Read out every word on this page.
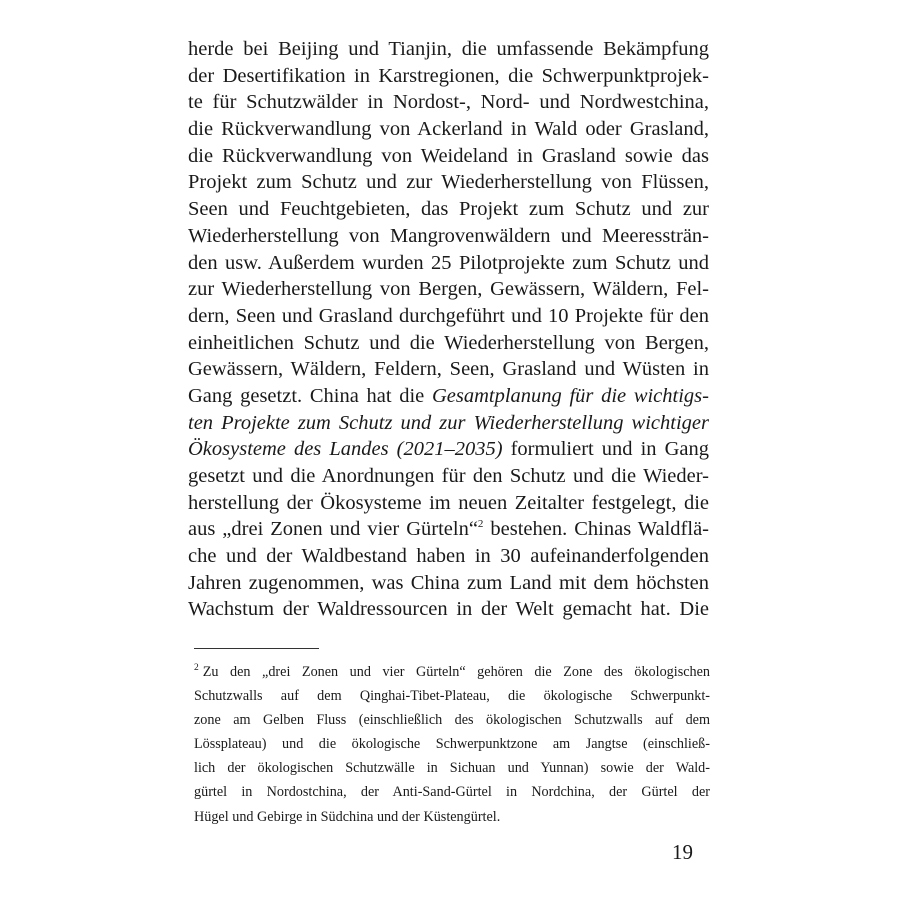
herde bei Beijing und Tianjin, die umfassende Bekämpfung
der Desertifikation in Karstregionen, die Schwerpunktprojek-
te für Schutzwälder in Nordost-, Nord- und Nordwestchina,
die Rückverwandlung von Ackerland in Wald oder Grasland,
die Rückverwandlung von Weideland in Grasland sowie das
Projekt zum Schutz und zur Wiederherstellung von Flüssen,
Seen und Feuchtgebieten, das Projekt zum Schutz und zur
Wiederherstellung von Mangrovenwäldern und Meeressträn-
den usw. Außerdem wurden 25 Pilotprojekte zum Schutz und
zur Wiederherstellung von Bergen, Gewässern, Wäldern, Fel-
dern, Seen und Grasland durchgeführt und 10 Projekte für den
einheitlichen Schutz und die Wiederherstellung von Bergen,
Gewässern, Wäldern, Feldern, Seen, Grasland und Wüsten in
Gang gesetzt. China hat die Gesamtplanung für die wichtigs-
ten Projekte zum Schutz und zur Wiederherstellung wichtiger
Ökosysteme des Landes (2021–2035) formuliert und in Gang
gesetzt und die Anordnungen für den Schutz und die Wieder-
herstellung der Ökosysteme im neuen Zeitalter festgelegt, die
aus „drei Zonen und vier Gürteln“$^2$ bestehen. Chinas Waldflä-
che und der Waldbestand haben in 30 aufeinanderfolgenden
Jahren zugenommen, was China zum Land mit dem höchsten
Wachstum der Waldressourcen in der Welt gemacht hat. Die
$^2$ Zu den „drei Zonen und vier Gürteln“ gehören die Zone des ökologischen
Schutzwalls auf dem Qinghai-Tibet-Plateau, die ökologische Schwerpunkt-
zone am Gelben Fluss (einschließlich des ökologischen Schutzwalls auf dem
Lössplateau) und die ökologische Schwerpunktzone am Jangtse (einschließ-
lich der ökologischen Schutzwälle in Sichuan und Yunnan) sowie der Wald-
gürtel in Nordostchina, der Anti-Sand-Gürtel in Nordchina, der Gürtel der
Hügel und Gebirge in Südchina und der Küstengürtel.
19
